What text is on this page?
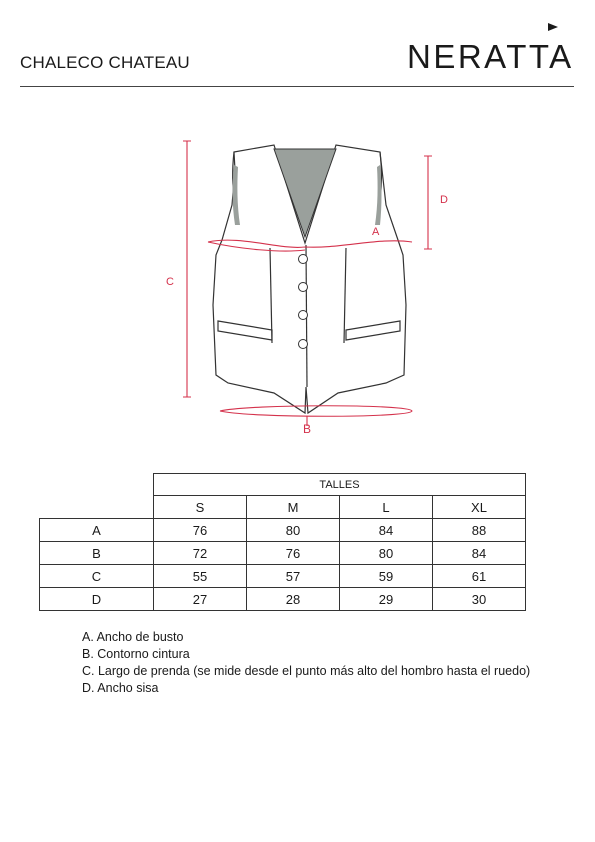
CHALECO CHATEAU	NERATTA
A
B
C
D
	TALLES			
	S	M	L	XL
A	76	80	84	88
B	72	76	80	84
C	55	57	59	61
D	27	28	29	30
A. Ancho de busto
B. Contorno cintura
C. Largo de prenda (se mide desde el punto más alto del hombro hasta el ruedo)
D. Ancho sisa
